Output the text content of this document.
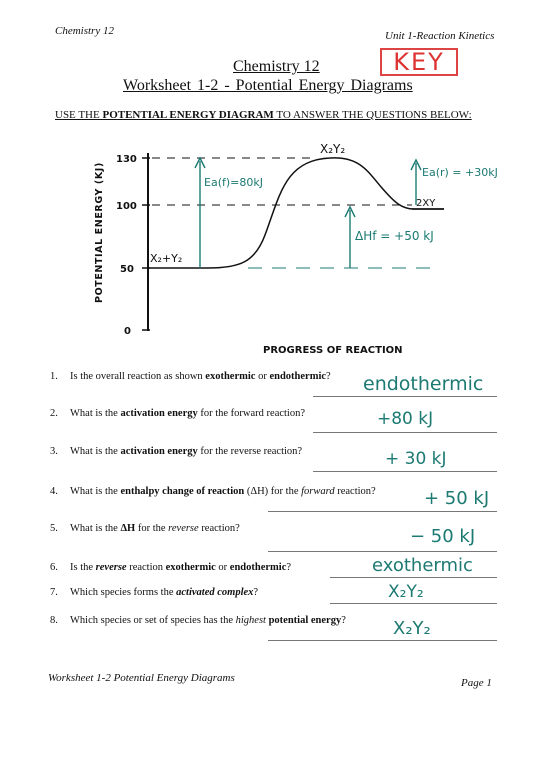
Chemistry 12	Unit 1-Reaction Kinetics
KEY
Chemistry 12
Worksheet 1-2 - Potential Energy Diagrams
USE THE POTENTIAL ENERGY DIAGRAM TO ANSWER THE QUESTIONS BELOW:
130
100
50
0
POTENTIAL ENERGY (KJ)
PROGRESS OF REACTION
X₂+Y₂
X₂Y₂
2XY
Ea(f)=80kJ
ΔHf = +50 kJ
Ea(r) = +30kJ
1. Is the overall reaction as shown exothermic or endothermic? endothermic
2. What is the activation energy for the forward reaction?	+80 kJ
3. What is the activation energy for the reverse reaction?	+ 30 kJ
4. What is the enthalpy change of reaction (ΔH) for the forward reaction?	+ 50 kJ
5. What is the ΔH for the reverse reaction?	− 50 kJ
6. Is the reverse reaction exothermic or endothermic?	exothermic
7. Which species forms the activated complex?	X₂Y₂
8. Which species or set of species has the highest potential energy?	X₂Y₂
Worksheet 1-2 Potential Energy Diagrams	Page 1
